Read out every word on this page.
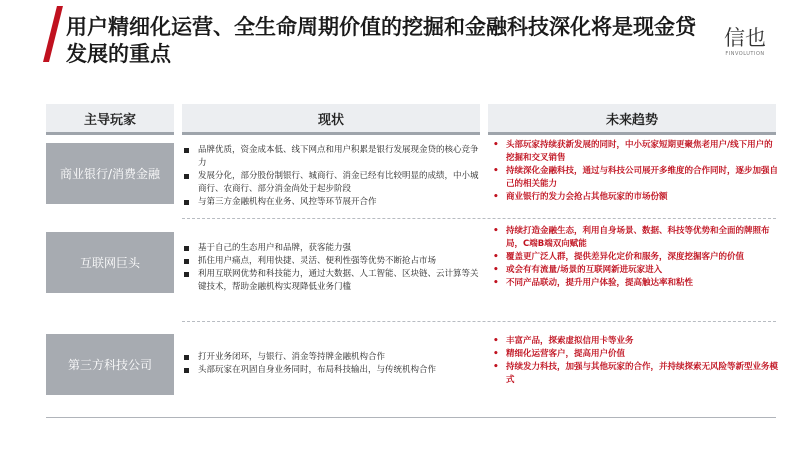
用户精细化运营、全生命周期价值的挖掘和金融科技深化将是现金贷发展的重点
信也
FINVOLUTION
主导玩家	现状	未来趋势
商业银行/消费金融
品牌优质，资金成本低、线下网点和用户积累是银行发展现金贷的核心竞争力
发展分化，部分股份制银行、城商行、消金已经有比较明显的成绩，中小城商行、农商行、部分消金尚处于起步阶段
与第三方金融机构在业务、风控等环节展开合作
• 头部玩家持续获新发展的同时，中小玩家短期更聚焦老用户/线下用户的挖掘和交叉销售
• 持续深化金融科技，通过与科技公司展开多维度的合作同时，逐步加强自己的相关能力
• 商业银行的发力会抢占其他玩家的市场份额
互联网巨头
基于自己的生态用户和品牌，获客能力强
抓住用户痛点，利用快捷、灵活、便利性强等优势不断抢占市场
利用互联网优势和科技能力，通过大数据、人工智能、区块链、云计算等关键技术，帮助金融机构实现降低业务门槛
• 持续打造金融生态，利用自身场景、数据、科技等优势和全面的牌照布局，C端B端双向赋能
• 覆盖更广泛人群，提供差异化定价和服务，深度挖掘客户的价值
• 或会有有流量/场景的互联网新进玩家进入
• 不同产品联动，提升用户体验，提高触达率和粘性
第三方科技公司
打开业务闭环，与银行、消金等持牌金融机构合作
头部玩家在巩固自身业务同时，布局科技输出，与传统机构合作
• 丰富产品，探索虚拟信用卡等业务
• 精细化运营客户，提高用户价值
• 持续发力科技，加强与其他玩家的合作，并持续探索无风险等新型业务模式
